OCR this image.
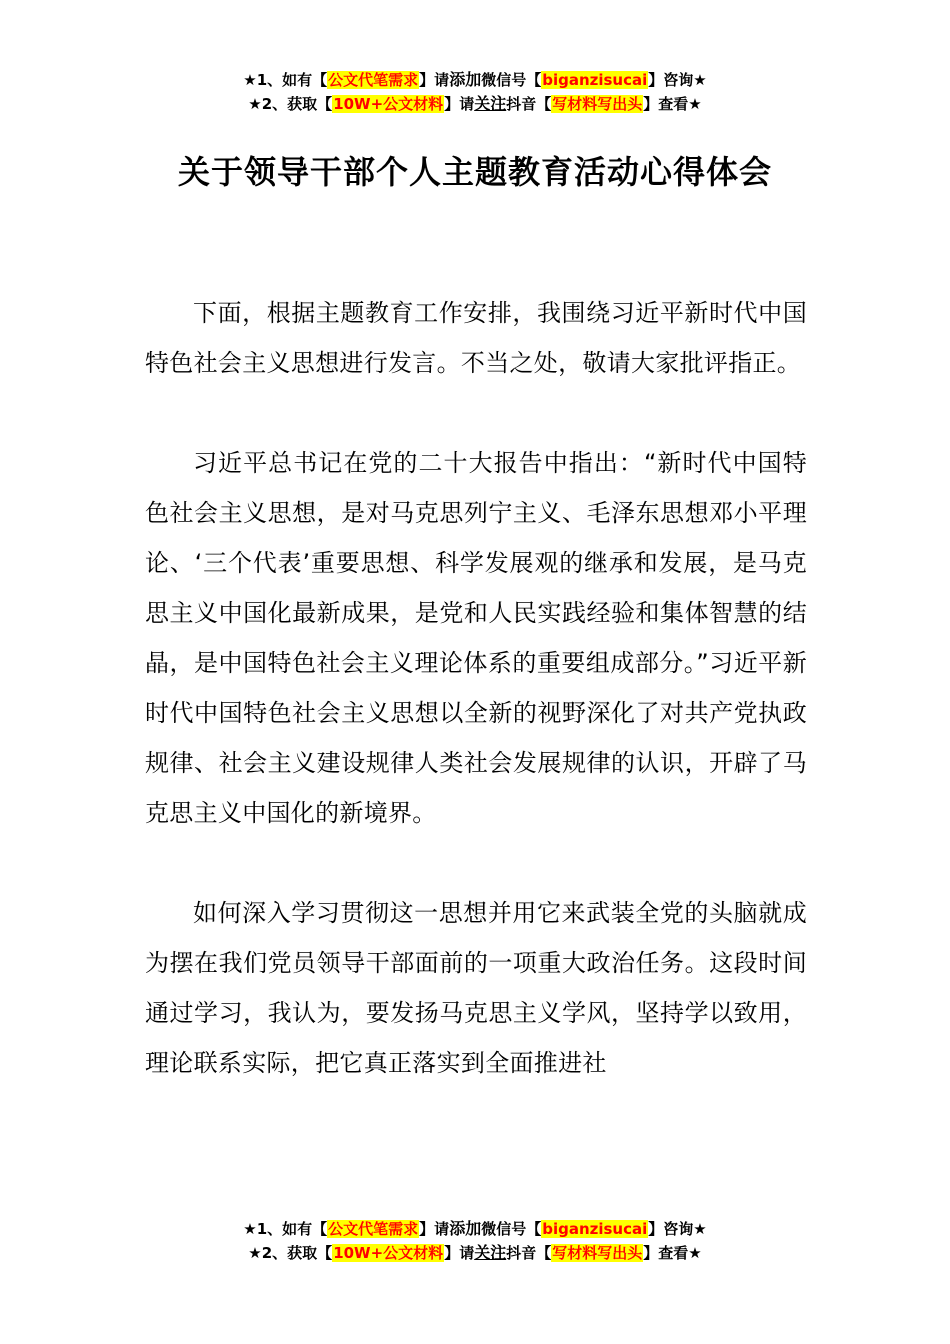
★1、如有【公文代笔需求】请添加微信号【biganzisucai】咨询★
★2、获取【10W+公文材料】请关注抖音【写材料写出头】查看★
关于领导干部个人主题教育活动心得体会

下面，根据主题教育工作安排，我围绕习近平新时代中国特色社会主义思想进行发言。不当之处，敬请大家批评指正。

习近平总书记在党的二十大报告中指出：“新时代中国特色社会主义思想，是对马克思列宁主义、毛泽东思想邓小平理论、‘三个代表’重要思想、科学发展观的继承和发展，是马克思主义中国化最新成果，是党和人民实践经验和集体智慧的结晶，是中国特色社会主义理论体系的重要组成部分。”习近平新时代中国特色社会主义思想以全新的视野深化了对共产党执政规律、社会主义建设规律人类社会发展规律的认识，开辟了马克思主义中国化的新境界。

如何深入学习贯彻这一思想并用它来武装全党的头脑就成为摆在我们党员领导干部面前的一项重大政治任务。这段时间通过学习，我认为，要发扬马克思主义学风，坚持学以致用，理论联系实际，把它真正落实到全面推进社

★1、如有【公文代笔需求】请添加微信号【biganzisucai】咨询★
★2、获取【10W+公文材料】请关注抖音【写材料写出头】查看★
